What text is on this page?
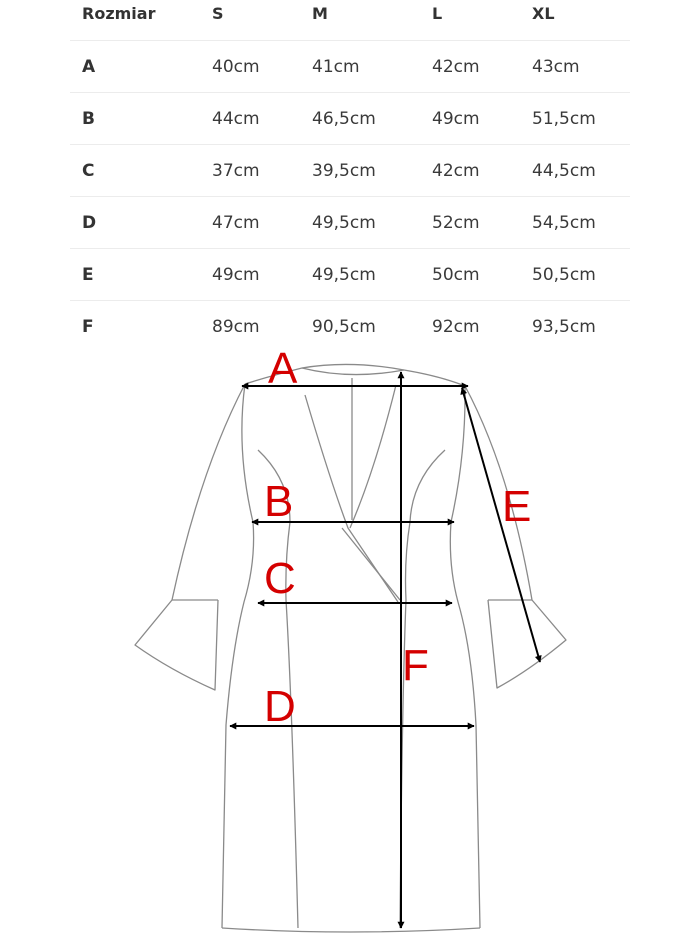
Rozmiar	S	M	L	XL
A	40cm	41cm	42cm	43cm
B	44cm	46,5cm	49cm	51,5cm
C	37cm	39,5cm	42cm	44,5cm
D	47cm	49,5cm	52cm	54,5cm
E	49cm	49,5cm	50cm	50,5cm
F	89cm	90,5cm	92cm	93,5cm
A
B
C
D
E
F
